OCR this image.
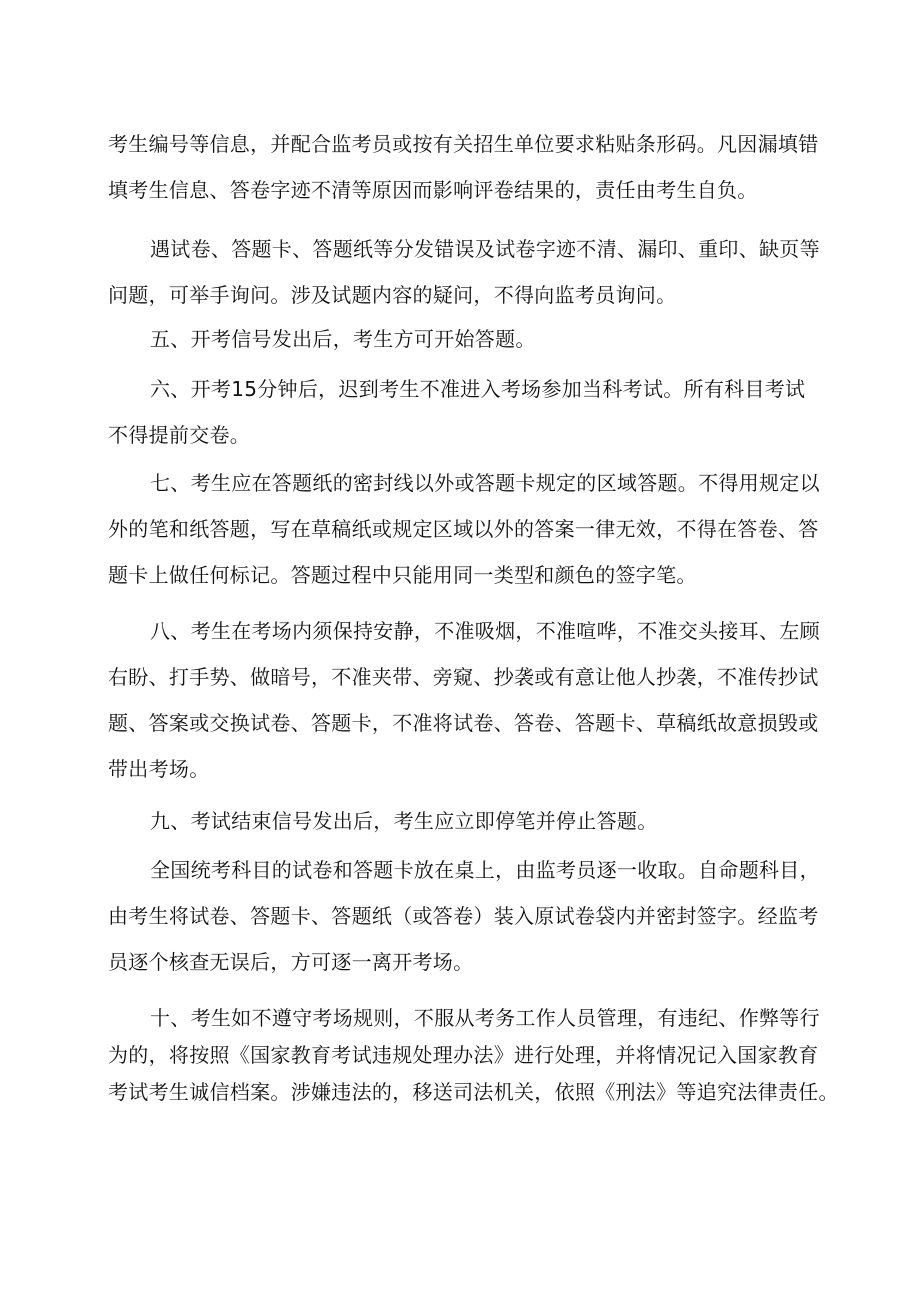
考生编号等信息，并配合监考员或按有关招生单位要求粘贴条形码。凡因漏填错
填考生信息、答卷字迹不清等原因而影响评卷结果的，责任由考生自负。

遇试卷、答题卡、答题纸等分发错误及试卷字迹不清、漏印、重印、缺页等
问题，可举手询问。涉及试题内容的疑问，不得向监考员询问。

五、开考信号发出后，考生方可开始答题。

六、开考15分钟后，迟到考生不准进入考场参加当科考试。所有科目考试
不得提前交卷。

七、考生应在答题纸的密封线以外或答题卡规定的区域答题。不得用规定以
外的笔和纸答题，写在草稿纸或规定区域以外的答案一律无效，不得在答卷、答
题卡上做任何标记。答题过程中只能用同一类型和颜色的签字笔。

八、考生在考场内须保持安静，不准吸烟，不准喧哗，不准交头接耳、左顾
右盼、打手势、做暗号，不准夹带、旁窥、抄袭或有意让他人抄袭，不准传抄试
题、答案或交换试卷、答题卡，不准将试卷、答卷、答题卡、草稿纸故意损毁或
带出考场。

九、考试结束信号发出后，考生应立即停笔并停止答题。

全国统考科目的试卷和答题卡放在桌上，由监考员逐一收取。自命题科目，
由考生将试卷、答题卡、答题纸（或答卷）装入原试卷袋内并密封签字。经监考
员逐个核查无误后，方可逐一离开考场。

十、考生如不遵守考场规则，不服从考务工作人员管理，有违纪、作弊等行
为的，将按照《国家教育考试违规处理办法》进行处理，并将情况记入国家教育
考试考生诚信档案。涉嫌违法的，移送司法机关，依照《刑法》等追究法律责任。
